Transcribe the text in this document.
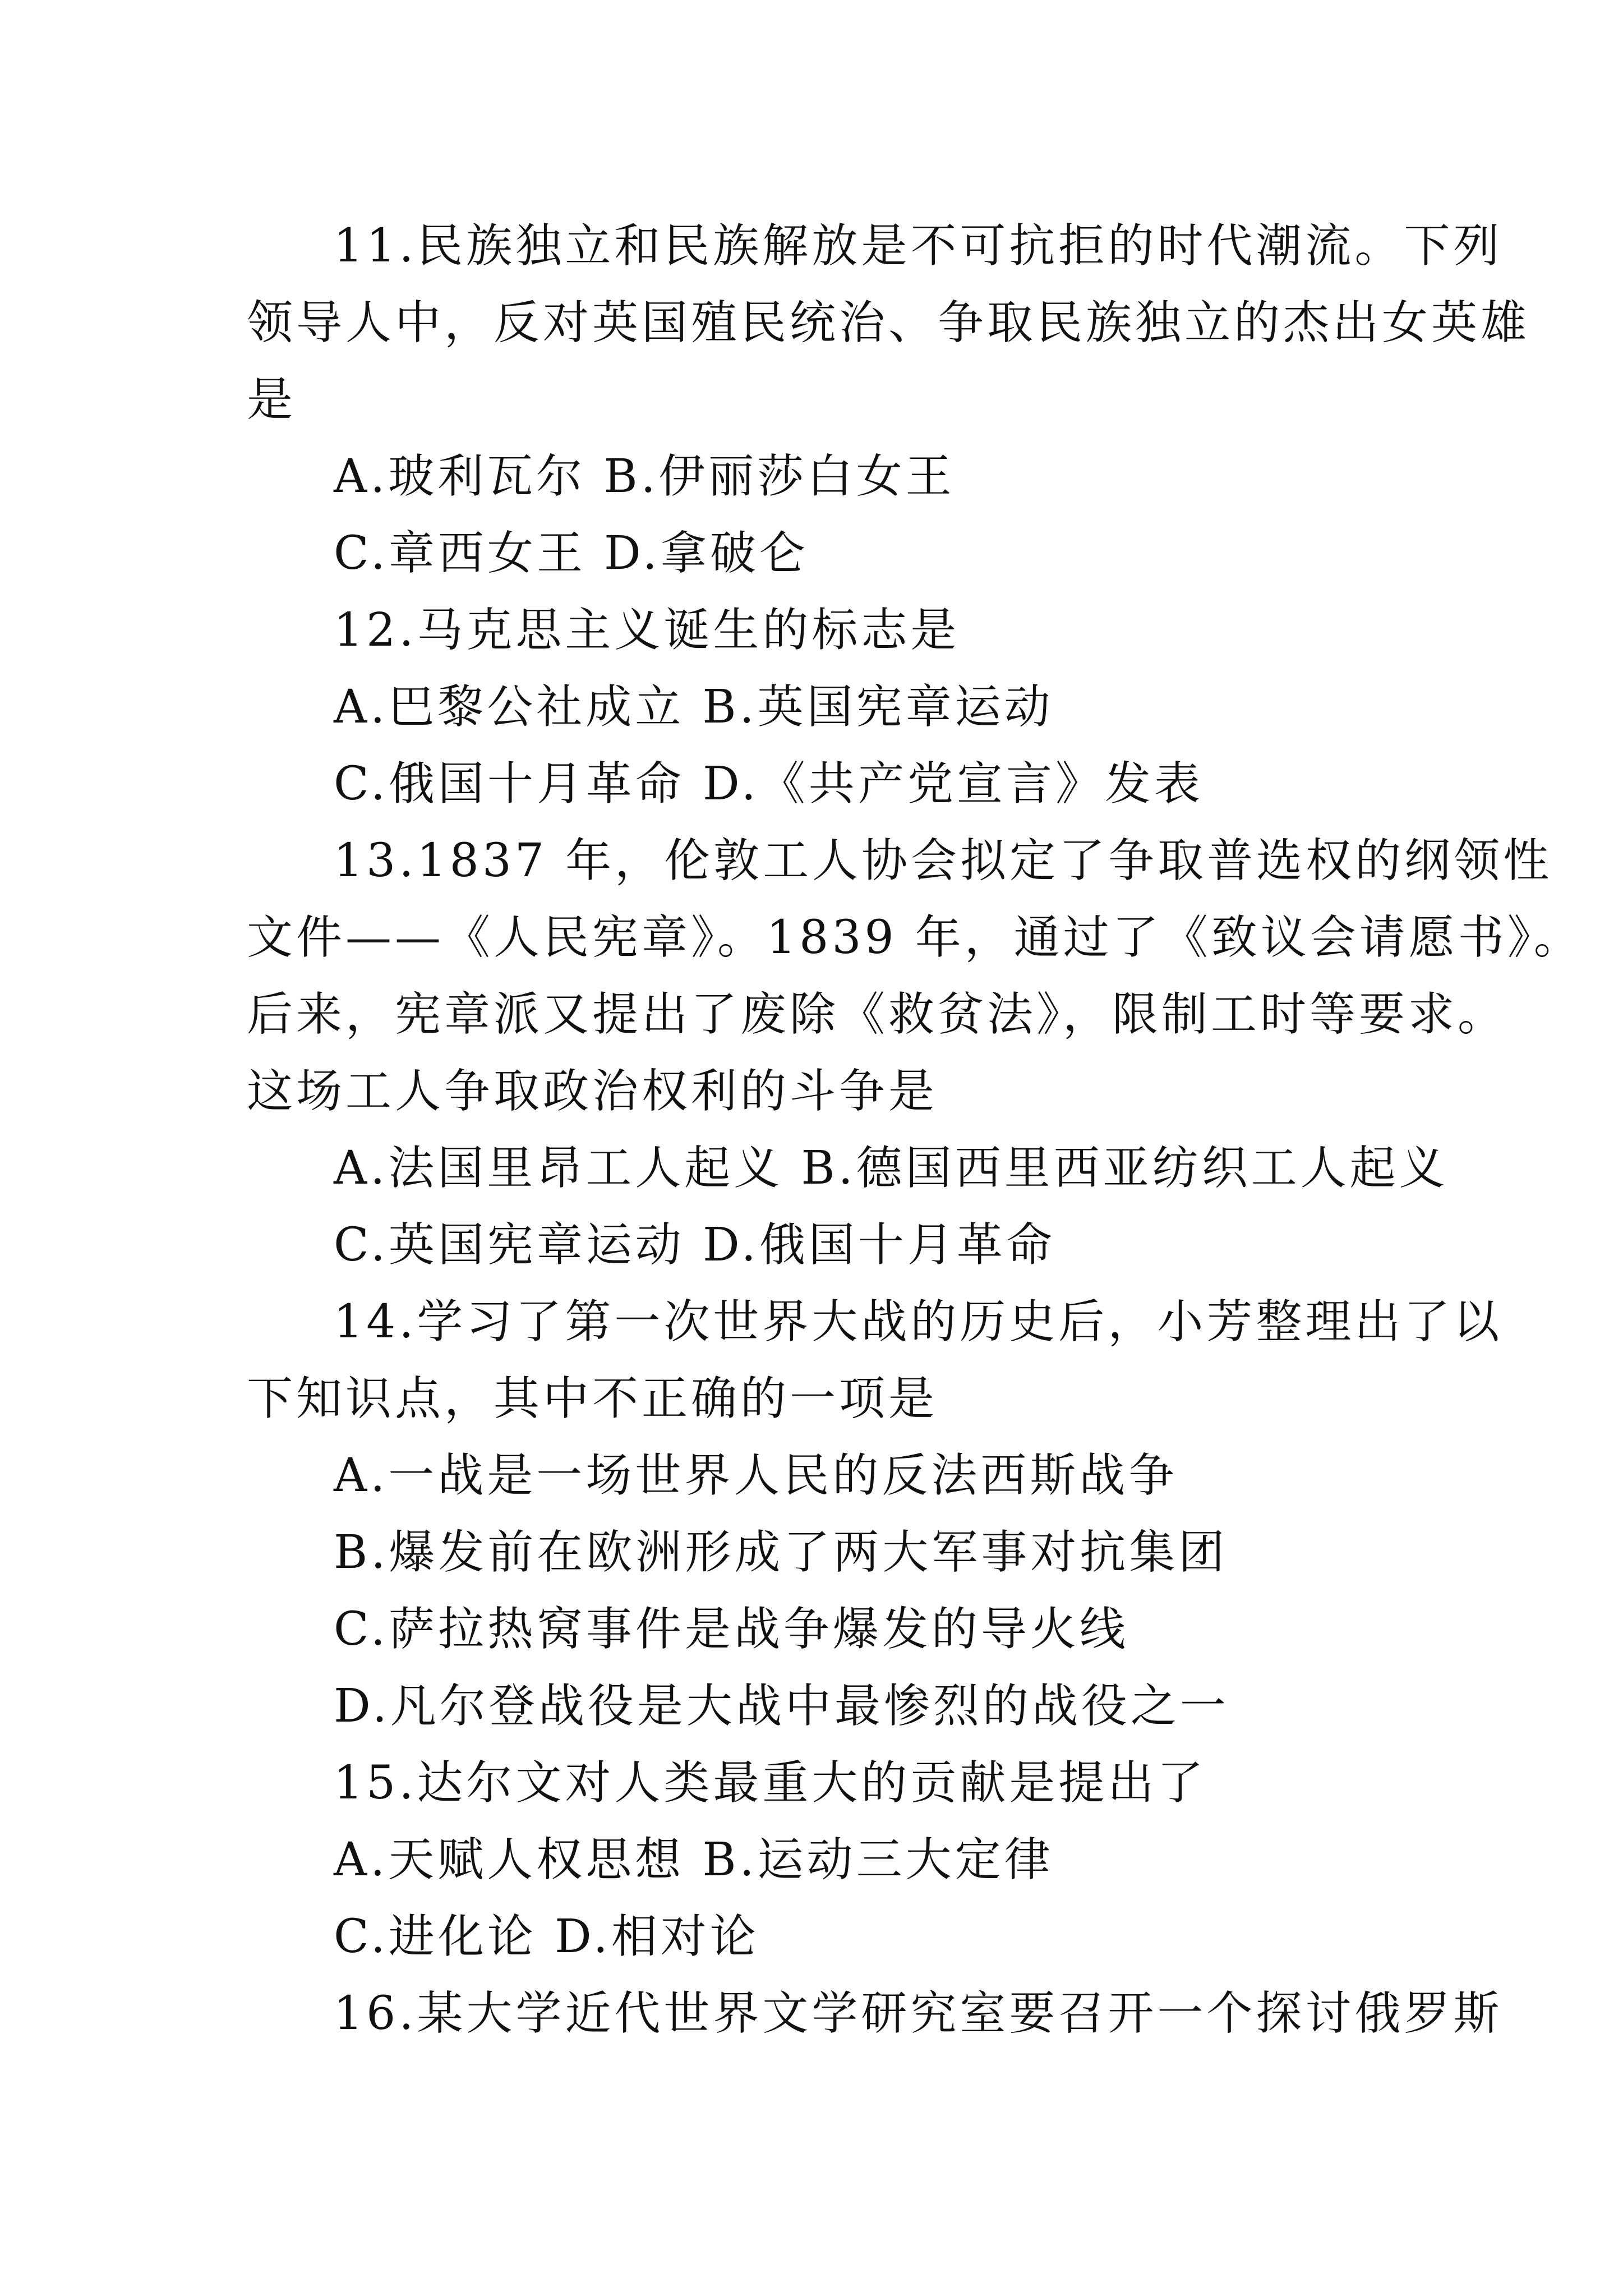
11.民族独立和民族解放是不可抗拒的时代潮流。下列
领导人中，反对英国殖民统治、争取民族独立的杰出女英雄
是
A.玻利瓦尔 B.伊丽莎白女王
C.章西女王 D.拿破仑
12.马克思主义诞生的标志是
A.巴黎公社成立 B.英国宪章运动
C.俄国十月革命 D.《共产党宣言》发表
13.1837 年，伦敦工人协会拟定了争取普选权的纲领性
文件——《人民宪章》。1839 年，通过了《致议会请愿书》。
后来，宪章派又提出了废除《救贫法》，限制工时等要求。
这场工人争取政治权利的斗争是
A.法国里昂工人起义 B.德国西里西亚纺织工人起义
C.英国宪章运动 D.俄国十月革命
14.学习了第一次世界大战的历史后，小芳整理出了以
下知识点，其中不正确的一项是
A.一战是一场世界人民的反法西斯战争
B.爆发前在欧洲形成了两大军事对抗集团
C.萨拉热窝事件是战争爆发的导火线
D.凡尔登战役是大战中最惨烈的战役之一
15.达尔文对人类最重大的贡献是提出了
A.天赋人权思想 B.运动三大定律
C.进化论 D.相对论
16.某大学近代世界文学研究室要召开一个探讨俄罗斯
